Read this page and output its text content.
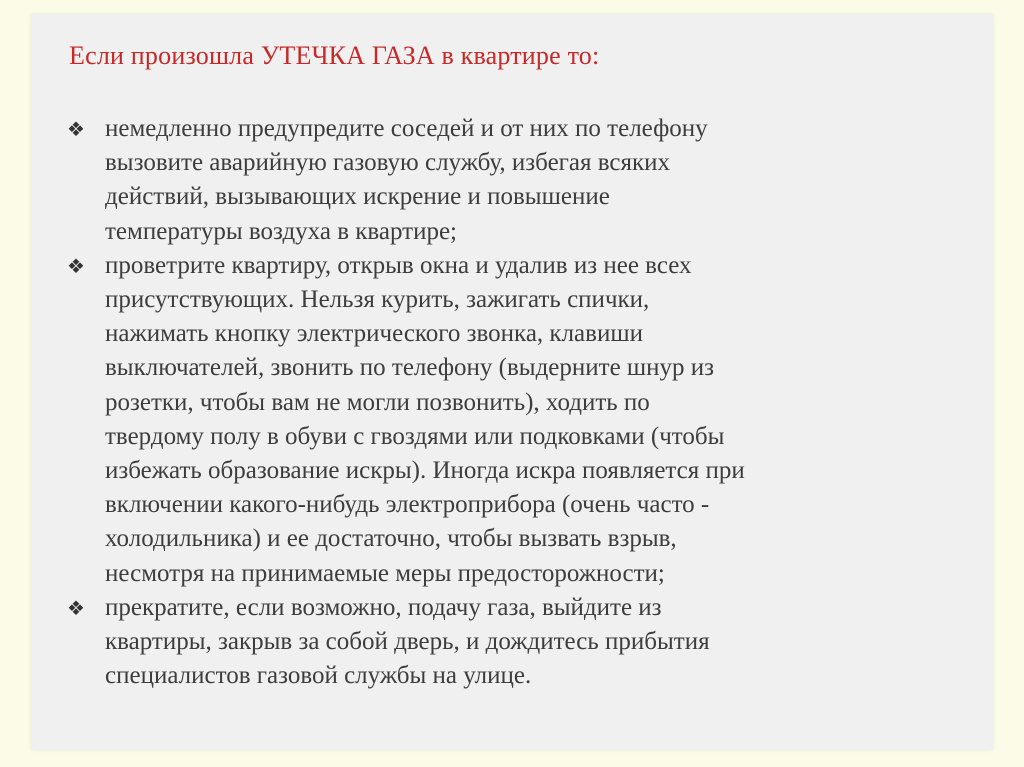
Если произошла УТЕЧКА ГАЗА в квартире то:
❖ немедленно предупредите соседей и от них по телефону
вызовите аварийную газовую службу, избегая всяких
действий, вызывающих искрение и повышение
температуры воздуха в квартире;
❖ проветрите квартиру, открыв окна и удалив из нее всех
присутствующих. Нельзя курить, зажигать спички,
нажимать кнопку электрического звонка, клавиши
выключателей, звонить по телефону (выдерните шнур из
розетки, чтобы вам не могли позвонить), ходить по
твердому полу в обуви с гвоздями или подковками (чтобы
избежать образование искры). Иногда искра появляется при
включении какого-нибудь электроприбора (очень часто -
холодильника) и ее достаточно, чтобы вызвать взрыв,
несмотря на принимаемые меры предосторожности;
❖ прекратите, если возможно, подачу газа, выйдите из
квартиры, закрыв за собой дверь, и дождитесь прибытия
специалистов газовой службы на улице.
